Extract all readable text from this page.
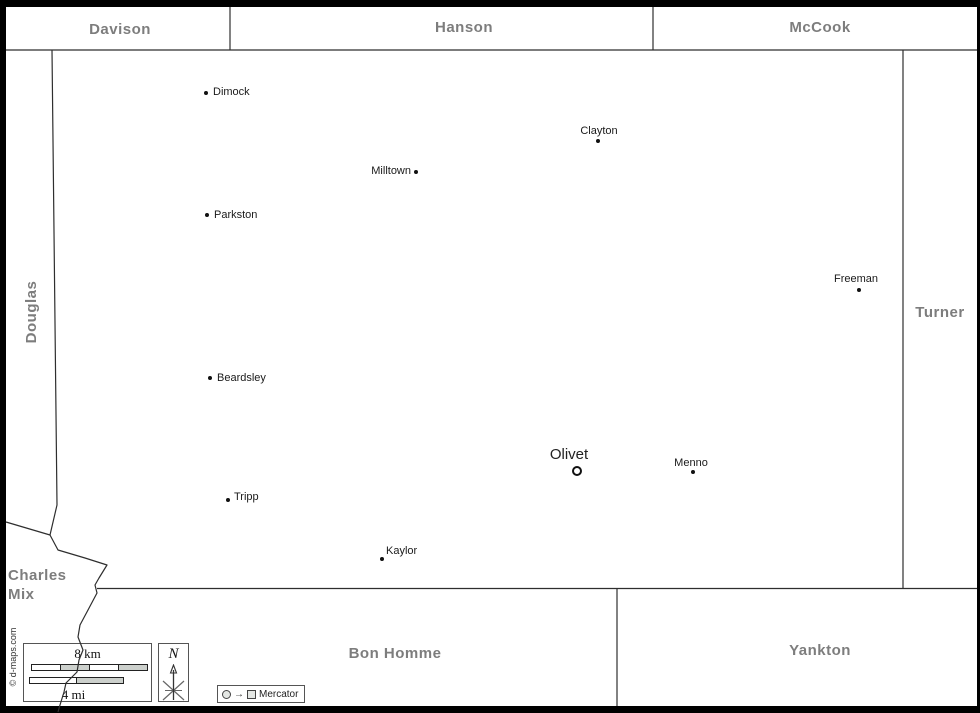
Davison	Hanson	McCook
Douglas	Turner
Charles Mix
Bon Homme	Yankton
Dimock
Clayton
Milltown
Parkston
Freeman
Beardsley
Olivet	Menno
Tripp
Kaylor
8 km
4 mi
N
→ Mercator
© d-maps.com
